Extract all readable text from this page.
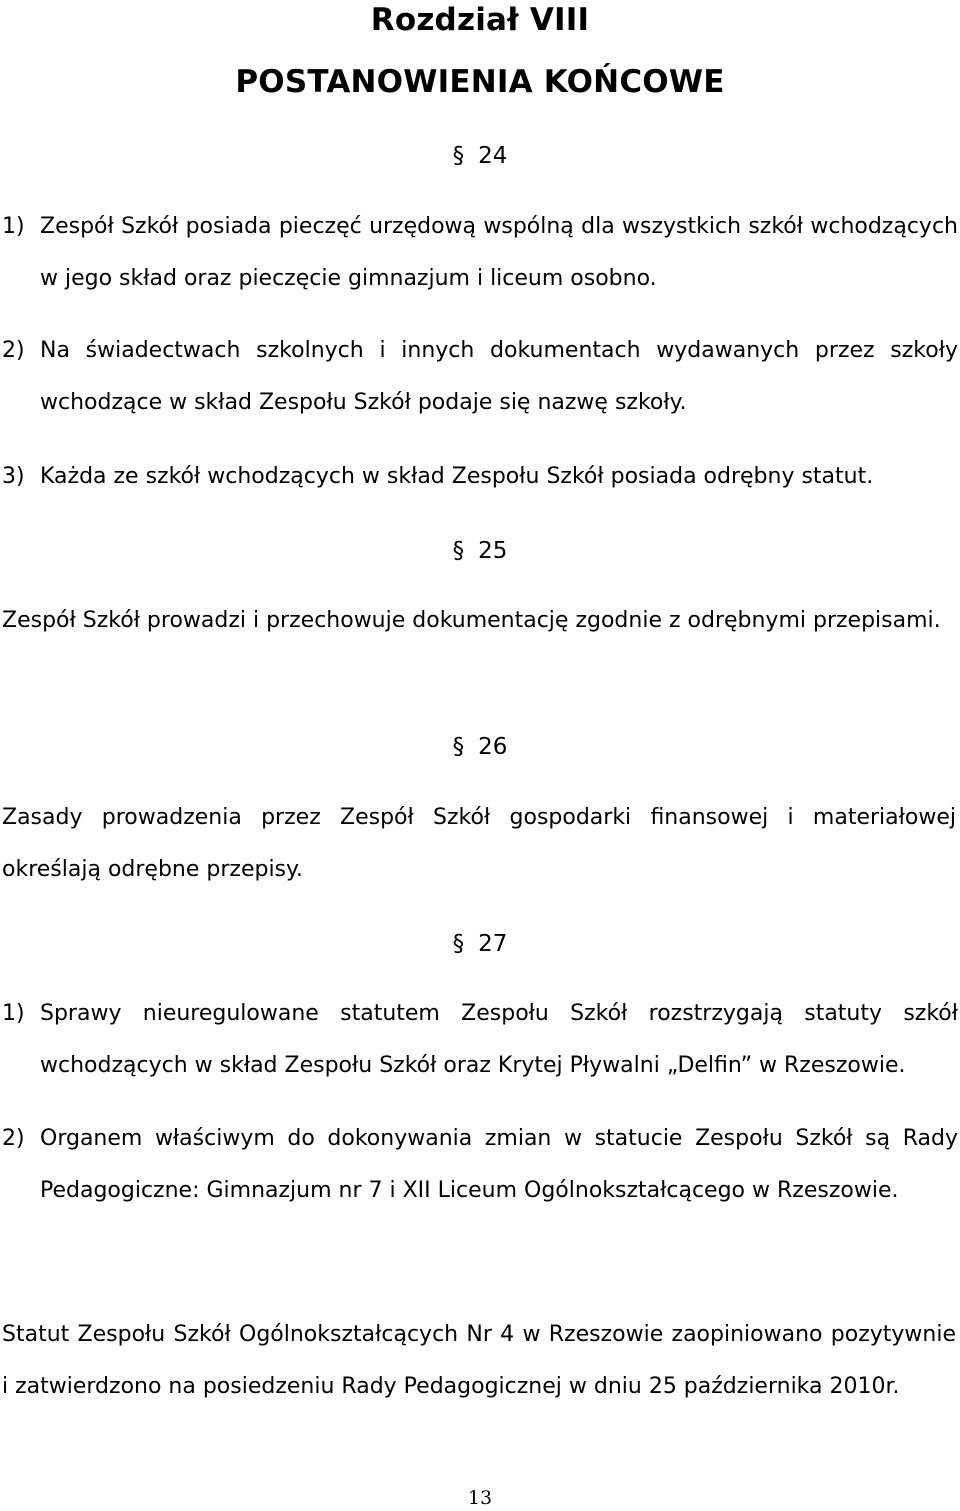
Rozdział VIII
POSTANOWIENIA KOŃCOWE
§ 24
1) Zespół Szkół posiada pieczęć urzędową wspólną dla wszystkich szkół wchodzących w jego skład oraz pieczęcie gimnazjum i liceum osobno.
2) Na świadectwach szkolnych i innych dokumentach wydawanych przez szkoły wchodzące w skład Zespołu Szkół podaje się nazwę szkoły.
3) Każda ze szkół wchodzących w skład Zespołu Szkół posiada odrębny statut.
§ 25
Zespół Szkół prowadzi i przechowuje dokumentację zgodnie z odrębnymi przepisami.
§ 26
Zasady prowadzenia przez Zespół Szkół gospodarki finansowej i materiałowej określają odrębne przepisy.
§ 27
1) Sprawy nieuregulowane statutem Zespołu Szkół rozstrzygają statuty szkół wchodzących w skład Zespołu Szkół oraz Krytej Pływalni „Delfin” w Rzeszowie.
2) Organem właściwym do dokonywania zmian w statucie Zespołu Szkół są Rady Pedagogiczne: Gimnazjum nr 7 i XII Liceum Ogólnokształcącego w Rzeszowie.
Statut Zespołu Szkół Ogólnokształcących Nr 4 w Rzeszowie zaopiniowano pozytywnie i zatwierdzono na posiedzeniu Rady Pedagogicznej w dniu 25 października 2010r.
13
